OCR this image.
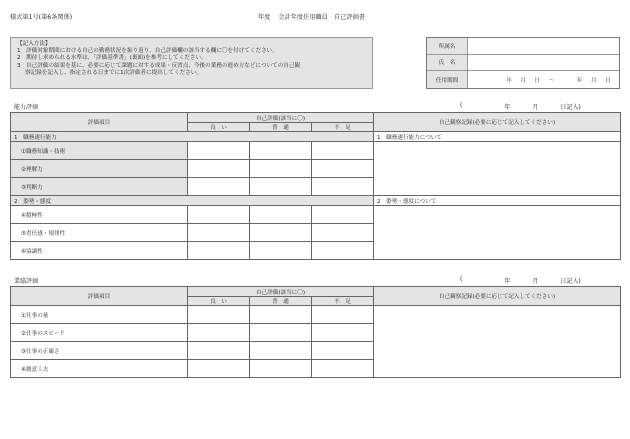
様式第1号(第6条関係)	年度 会計年度任用職員　自己評価書
【記入方法】
1　評価対象期間における自己の勤務状況を振り返り、自己評価欄の該当する欄に〇を付けてください。
2　期待し求められる水準は、「評価基準書」(裏面)を参考にしてください。
3　自己評価の結果を基に、必要に応じて課題に対する成果・反省点、今後の業務の進め方などについての自己観
察記録を記入し、指定される日までに1次評価者に提出してください。
所属名
氏　名
任用期間	年 月 日 ～	年 月 日
能力評価	(	年	月	日記入)
評価項目	自己評価(該当に〇)			自己観察記録(必要に応じて記入してください)
	良　い	普　通	不　足	
1　職務遂行能力				1　職務遂行能力について
①職務知識・技術				
②理解力				
③判断力				
2　姿勢・態度				2　姿勢・態度について
④積極性				
⑤責任感・規律性				
⑥協調性				
業績評価	(	年	月	日記入)
評価項目	自己評価(該当に〇)			自己観察記録(必要に応じて記入してください)
	良　い	普　通	不　足	
①仕事の量				
②仕事のスピード				
③仕事の正確さ				
④創意工夫				
